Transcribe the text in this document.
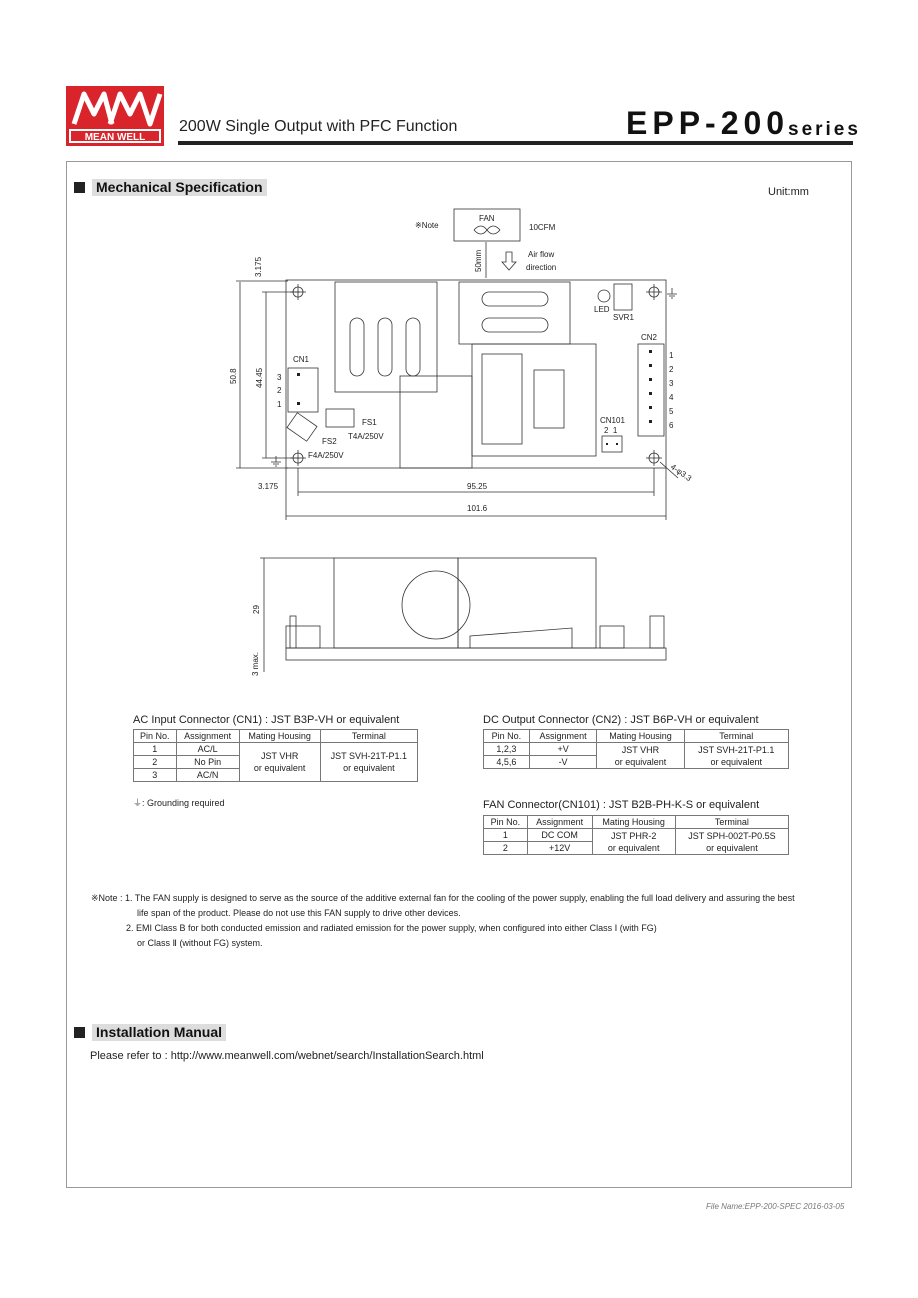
MEAN WELL
200W Single Output with PFC Function	EPP-200
series
Mechanical Specification	Unit:mm
※Note
FAN
10CFM
50mm	Air flow
direction
3.175
50.8 44.45
3.175	95.25
101.6
4-φ3.3
CN1
3
2
1
FS1
T4A/250V
FS2
F4A/250V
LED
SVR1
CN2
1
2
3
4
5
6
CN101
2  1
29
3 max.
AC Input Connector (CN1) : JST B3P-VH or equivalent
Pin No.	Assignment	Mating Housing	Terminal
1	AC/L	JST VHR
or equivalent	JST SVH-21T-P1.1
or equivalent
2	No Pin		
3	AC/N		
⏚: Grounding required
DC Output Connector (CN2) : JST B6P-VH or equivalent
Pin No.	Assignment	Mating Housing	Terminal
1,2,3	+V	JST VHR
or equivalent	JST SVH-21T-P1.1
or equivalent
4,5,6	-V		
FAN Connector(CN101) : JST B2B-PH-K-S or equivalent
Pin No.	Assignment	Mating Housing	Terminal
1	DC COM	JST PHR-2
or equivalent	JST SPH-002T-P0.5S
or equivalent
2	+12V		
※Note : 1. The FAN supply is designed to serve as the source of the additive external fan for the cooling of the power supply, enabling the full load delivery and assuring the best
life span of the product. Please do not use this FAN supply to drive other devices.
2. EMI Class B for both conducted emission and radiated emission for the power supply, when configured into either Class Ⅰ (with FG)
or Class Ⅱ (without FG) system.
Installation Manual
Please refer to : http://www.meanwell.com/webnet/search/InstallationSearch.html
File Name:EPP-200-SPEC 2016-03-05
